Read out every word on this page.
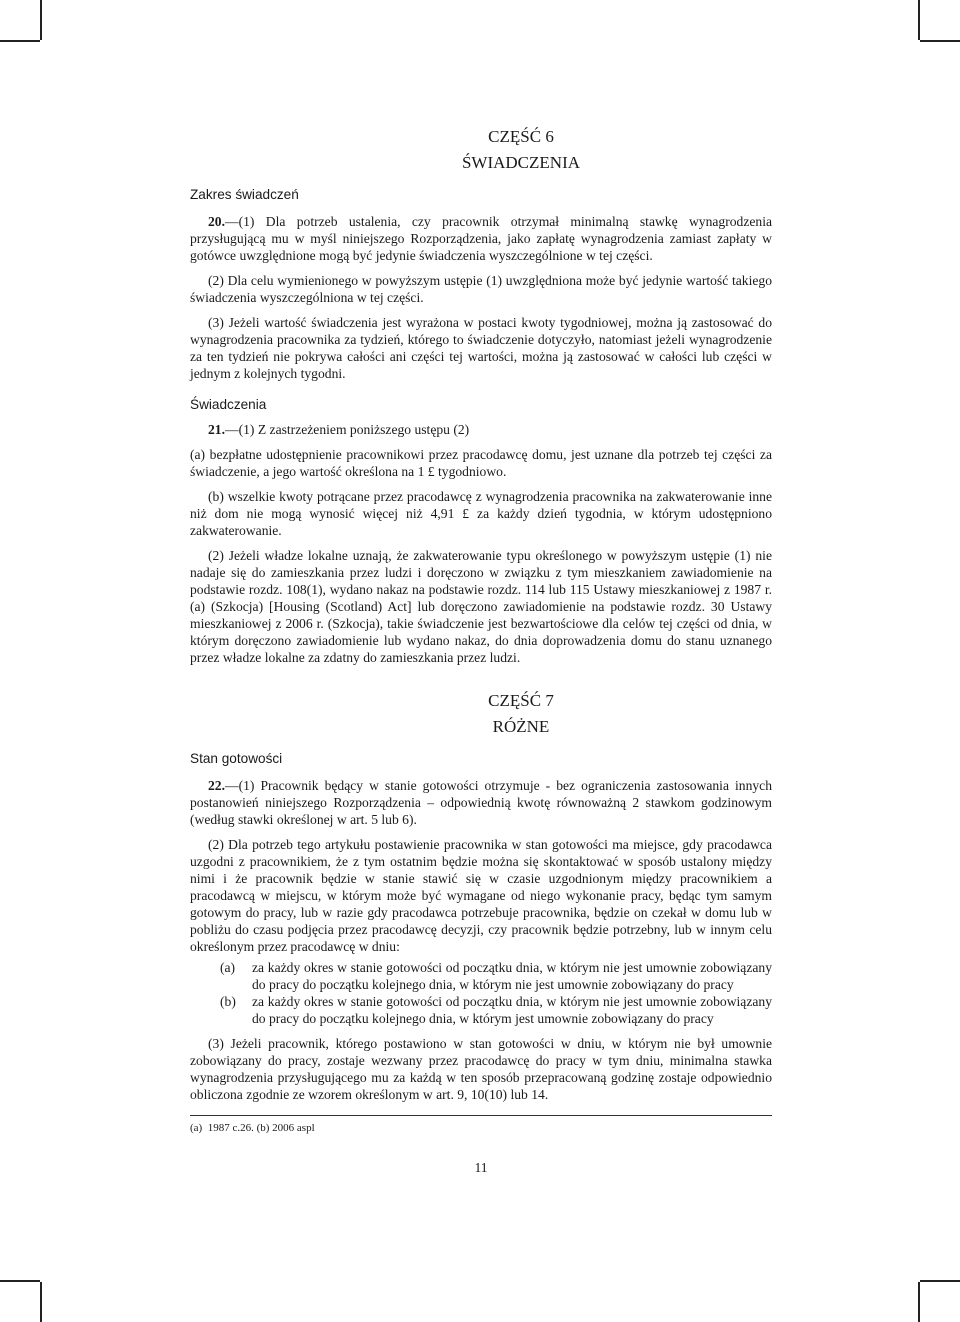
CZĘŚĆ 6
ŚWIADCZENIA
Zakres świadczeń

20.—(1) Dla potrzeb ustalenia, czy pracownik otrzymał minimalną stawkę wynagrodzenia przysługującą mu w myśl niniejszego Rozporządzenia, jako zapłatę wynagrodzenia zamiast zapłaty w gotówce uwzględnione mogą być jedynie świadczenia wyszczególnione w tej części.

(2) Dla celu wymienionego w powyższym ustępie (1) uwzględniona może być jedynie wartość takiego świadczenia wyszczególniona w tej części.

(3) Jeżeli wartość świadczenia jest wyrażona w postaci kwoty tygodniowej, można ją zastosować do wynagrodzenia pracownika za tydzień, którego to świadczenie dotyczyło, natomiast jeżeli wynagrodzenie za ten tydzień nie pokrywa całości ani części tej wartości, można ją zastosować w całości lub części w jednym z kolejnych tygodni.

Świadczenia

21.—(1) Z zastrzeżeniem poniższego ustępu (2)

(a) bezpłatne udostępnienie pracownikowi przez pracodawcę domu, jest uznane dla potrzeb tej części za świadczenie, a jego wartość określona na 1 £ tygodniowo.

(b) wszelkie kwoty potrącane przez pracodawcę z wynagrodzenia pracownika na zakwaterowanie inne niż dom nie mogą wynosić więcej niż 4,91 £ za każdy dzień tygodnia, w którym udostępniono zakwaterowanie.

(2) Jeżeli władze lokalne uznają, że zakwaterowanie typu określonego w powyższym ustępie (1) nie nadaje się do zamieszkania przez ludzi i doręczono w związku z tym mieszkaniem zawiadomienie na podstawie rozdz. 108(1), wydano nakaz na podstawie rozdz. 114 lub 115 Ustawy mieszkaniowej z 1987 r. (a) (Szkocja) [Housing (Scotland) Act] lub doręczono zawiadomienie na podstawie rozdz. 30 Ustawy mieszkaniowej z 2006 r. (Szkocja), takie świadczenie jest bezwartościowe dla celów tej części od dnia, w którym doręczono zawiadomienie lub wydano nakaz, do dnia doprowadzenia domu do stanu uznanego przez władze lokalne za zdatny do zamieszkania przez ludzi.

CZĘŚĆ 7
RÓŻNE
Stan gotowości

22.—(1) Pracownik będący w stanie gotowości otrzymuje - bez ograniczenia zastosowania innych postanowień niniejszego Rozporządzenia – odpowiednią kwotę równoważną 2 stawkom godzinowym (według stawki określonej w art. 5 lub 6).

(2) Dla potrzeb tego artykułu postawienie pracownika w stan gotowości ma miejsce, gdy pracodawca uzgodni z pracownikiem, że z tym ostatnim będzie można się skontaktować w sposób ustalony między nimi i że pracownik będzie w stanie stawić się w czasie uzgodnionym między pracownikiem a pracodawcą w miejscu, w którym może być wymagane od niego wykonanie pracy, będąc tym samym gotowym do pracy, lub w razie gdy pracodawca potrzebuje pracownika, będzie on czekał w domu lub w pobliżu do czasu podjęcia przez pracodawcę decyzji, czy pracownik będzie potrzebny, lub w innym celu określonym przez pracodawcę w dniu:

(a)	za każdy okres w stanie gotowości od początku dnia, w którym nie jest umownie zobowiązany do pracy do początku kolejnego dnia, w którym nie jest umownie zobowiązany do pracy
(b)	za każdy okres w stanie gotowości od początku dnia, w którym nie jest umownie zobowiązany do pracy do początku kolejnego dnia, w którym jest umownie zobowiązany do pracy

(3) Jeżeli pracownik, którego postawiono w stan gotowości w dniu, w którym nie był umownie zobowiązany do pracy, zostaje wezwany przez pracodawcę do pracy w tym dniu, minimalna stawka wynagrodzenia przysługującego mu za każdą w ten sposób przepracowaną godzinę zostaje odpowiednio obliczona zgodnie ze wzorem określonym w art. 9, 10(10) lub 14.

(a) 1987 c.26. (b) 2006 aspl
11
